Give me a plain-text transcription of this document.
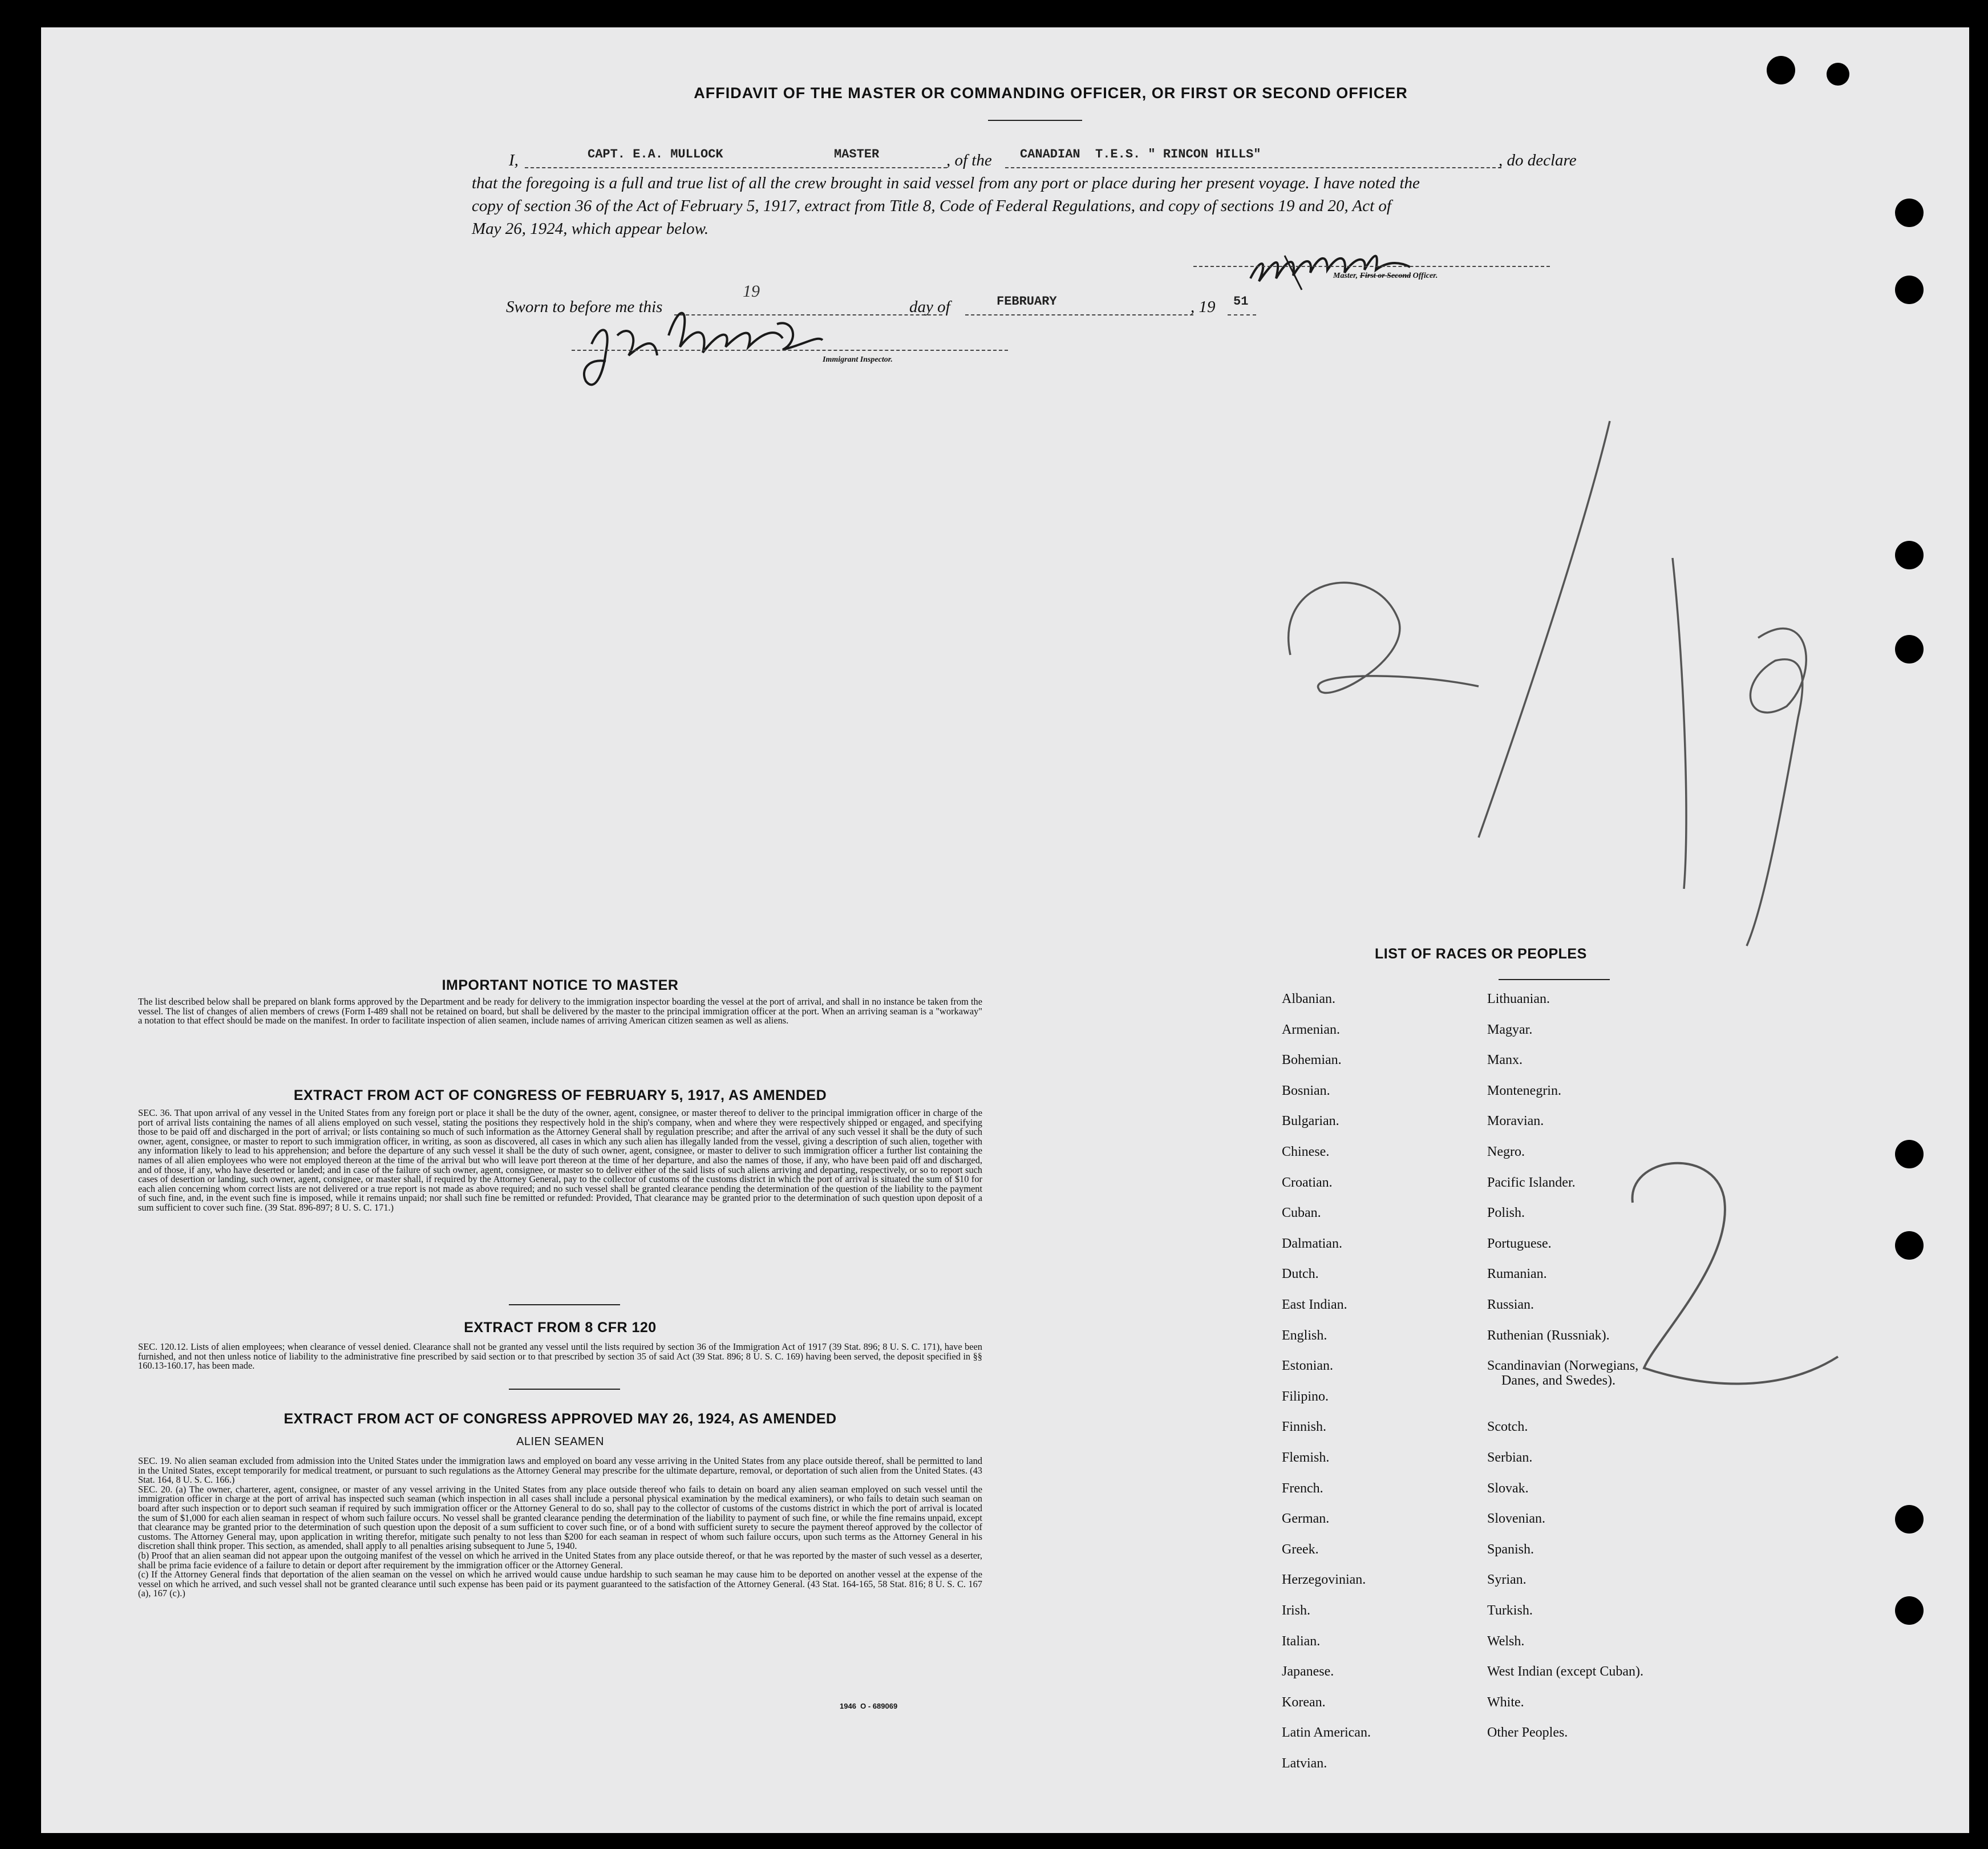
AFFIDAVIT OF THE MASTER OR COMMANDING OFFICER, OR FIRST OR SECOND OFFICER
I,	CAPT. E.A. MULLOCK	MASTER	, of the CANADIAN  T.E.S. " RINCON HILLS"	, do declare
that the foregoing is a full and true list of all the crew brought in said vessel from any port or place during her present voyage. I have noted the
copy of section 36 of the Act of February 5, 1917, extract from Title 8, Code of Federal Regulations, and copy of sections 19 and 20, Act of
May 26, 1924, which appear below.
Master, First or Second Officer.
Sworn to before me this
19
day of	FEBRUARY	, 19 51
Immigrant Inspector.
IMPORTANT NOTICE TO MASTER
The list described below shall be prepared on blank forms approved by the Department and be ready for delivery to the immigration inspector boarding the vessel at the port of arrival, and shall in no instance be taken from the vessel. The list of changes of alien members of crews (Form I-489 shall not be retained on board, but shall be delivered by the master to the principal immigration officer at the port. When an arriving seaman is a "workaway" a notation to that effect should be made on the manifest. In order to facilitate inspection of alien seamen, include names of arriving American citizen seamen as well as aliens.
EXTRACT FROM ACT OF CONGRESS OF FEBRUARY 5, 1917, AS AMENDED
SEC. 36. That upon arrival of any vessel in the United States from any foreign port or place it shall be the duty of the owner, agent, consignee, or master thereof to deliver to the principal immigration officer in charge of the port of arrival lists containing the names of all aliens employed on such vessel, stating the positions they respectively hold in the ship's company, when and where they were respectively shipped or engaged, and specifying those to be paid off and discharged in the port of arrival; or lists containing so much of such information as the Attorney General shall by regulation prescribe; and after the arrival of any such vessel it shall be the duty of such owner, agent, consignee, or master to report to such immigration officer, in writing, as soon as discovered, all cases in which any such alien has illegally landed from the vessel, giving a description of such alien, together with any information likely to lead to his apprehension; and before the departure of any such vessel it shall be the duty of such owner, agent, consignee, or master to deliver to such immigration officer a further list containing the names of all alien employees who were not employed thereon at the time of the arrival but who will leave port thereon at the time of her departure, and also the names of those, if any, who have been paid off and discharged, and of those, if any, who have deserted or landed; and in case of the failure of such owner, agent, consignee, or master so to deliver either of the said lists of such aliens arriving and departing, respectively, or so to report such cases of desertion or landing, such owner, agent, consignee, or master shall, if required by the Attorney General, pay to the collector of customs of the customs district in which the port of arrival is situated the sum of $10 for each alien concerning whom correct lists are not delivered or a true report is not made as above required; and no such vessel shall be granted clearance pending the determination of the question of the liability to the payment of such fine, and, in the event such fine is imposed, while it remains unpaid; nor shall such fine be remitted or refunded: Provided, That clearance may be granted prior to the determination of such question upon deposit of a sum sufficient to cover such fine. (39 Stat. 896-897; 8 U. S. C. 171.)
EXTRACT FROM 8 CFR 120
SEC. 120.12. Lists of alien employees; when clearance of vessel denied. Clearance shall not be granted any vessel until the lists required by section 36 of the Immigration Act of 1917 (39 Stat. 896; 8 U. S. C. 171), have been furnished, and not then unless notice of liability to the administrative fine prescribed by said section or to that prescribed by section 35 of said Act (39 Stat. 896; 8 U. S. C. 169) having been served, the deposit specified in §§ 160.13-160.17, has been made.
EXTRACT FROM ACT OF CONGRESS APPROVED MAY 26, 1924, AS AMENDED
ALIEN SEAMEN
SEC. 19. No alien seaman excluded from admission into the United States under the immigration laws and employed on board any vesse arriving in the United States from any place outside thereof, shall be permitted to land in the United States, except temporarily for medical treatment, or pursuant to such regulations as the Attorney General may prescribe for the ultimate departure, removal, or deportation of such alien from the United States. (43 Stat. 164, 8 U. S. C. 166.)
SEC. 20. (a) The owner, charterer, agent, consignee, or master of any vessel arriving in the United States from any place outside thereof who fails to detain on board any alien seaman employed on such vessel until the immigration officer in charge at the port of arrival has inspected such seaman (which inspection in all cases shall include a personal physical examination by the medical examiners), or who fails to detain such seaman on board after such inspection or to deport such seaman if required by such immigration officer or the Attorney General to do so, shall pay to the collector of customs of the customs district in which the port of arrival is located the sum of $1,000 for each alien seaman in respect of whom such failure occurs. No vessel shall be granted clearance pending the determination of the liability to payment of such fine, or while the fine remains unpaid, except that clearance may be granted prior to the determination of such question upon the deposit of a sum sufficient to cover such fine, or of a bond with sufficient surety to secure the payment thereof approved by the collector of customs. The Attorney General may, upon application in writing therefor, mitigate such penalty to not less than $200 for each seaman in respect of whom such failure occurs, upon such terms as the Attorney General in his discretion shall think proper. This section, as amended, shall apply to all penalties arising subsequent to June 5, 1940.
(b) Proof that an alien seaman did not appear upon the outgoing manifest of the vessel on which he arrived in the United States from any place outside thereof, or that he was reported by the master of such vessel as a deserter, shall be prima facie evidence of a failure to detain or deport after requirement by the immigration officer or the Attorney General.
(c) If the Attorney General finds that deportation of the alien seaman on the vessel on which he arrived would cause undue hardship to such seaman he may cause him to be deported on another vessel at the expense of the vessel on which he arrived, and such vessel shall not be granted clearance until such expense has been paid or its payment guaranteed to the satisfaction of the Attorney General. (43 Stat. 164-165, 58 Stat. 816; 8 U. S. C. 167 (a), 167 (c).)
1946  O - 689069
LIST OF RACES OR PEOPLES
Albanian.
Armenian.
Bohemian.
Bosnian.
Bulgarian.
Chinese.
Croatian.
Cuban.
Dalmatian.
Dutch.
East Indian.
English.
Estonian.
Filipino.
Finnish.
Flemish.
French.
German.
Greek.
Herzegovinian.
Irish.
Italian.
Japanese.
Korean.
Latin American.
Latvian.
Lithuanian.
Magyar.
Manx.
Montenegrin.
Moravian.
Negro.
Pacific Islander.
Polish.
Portuguese.
Rumanian.
Russian.
Ruthenian (Russniak).
Scandinavian (Norwegians,
Danes, and Swedes).
Scotch.
Serbian.
Slovak.
Slovenian.
Spanish.
Syrian.
Turkish.
Welsh.
West Indian (except Cuban).
White.
Other Peoples.
